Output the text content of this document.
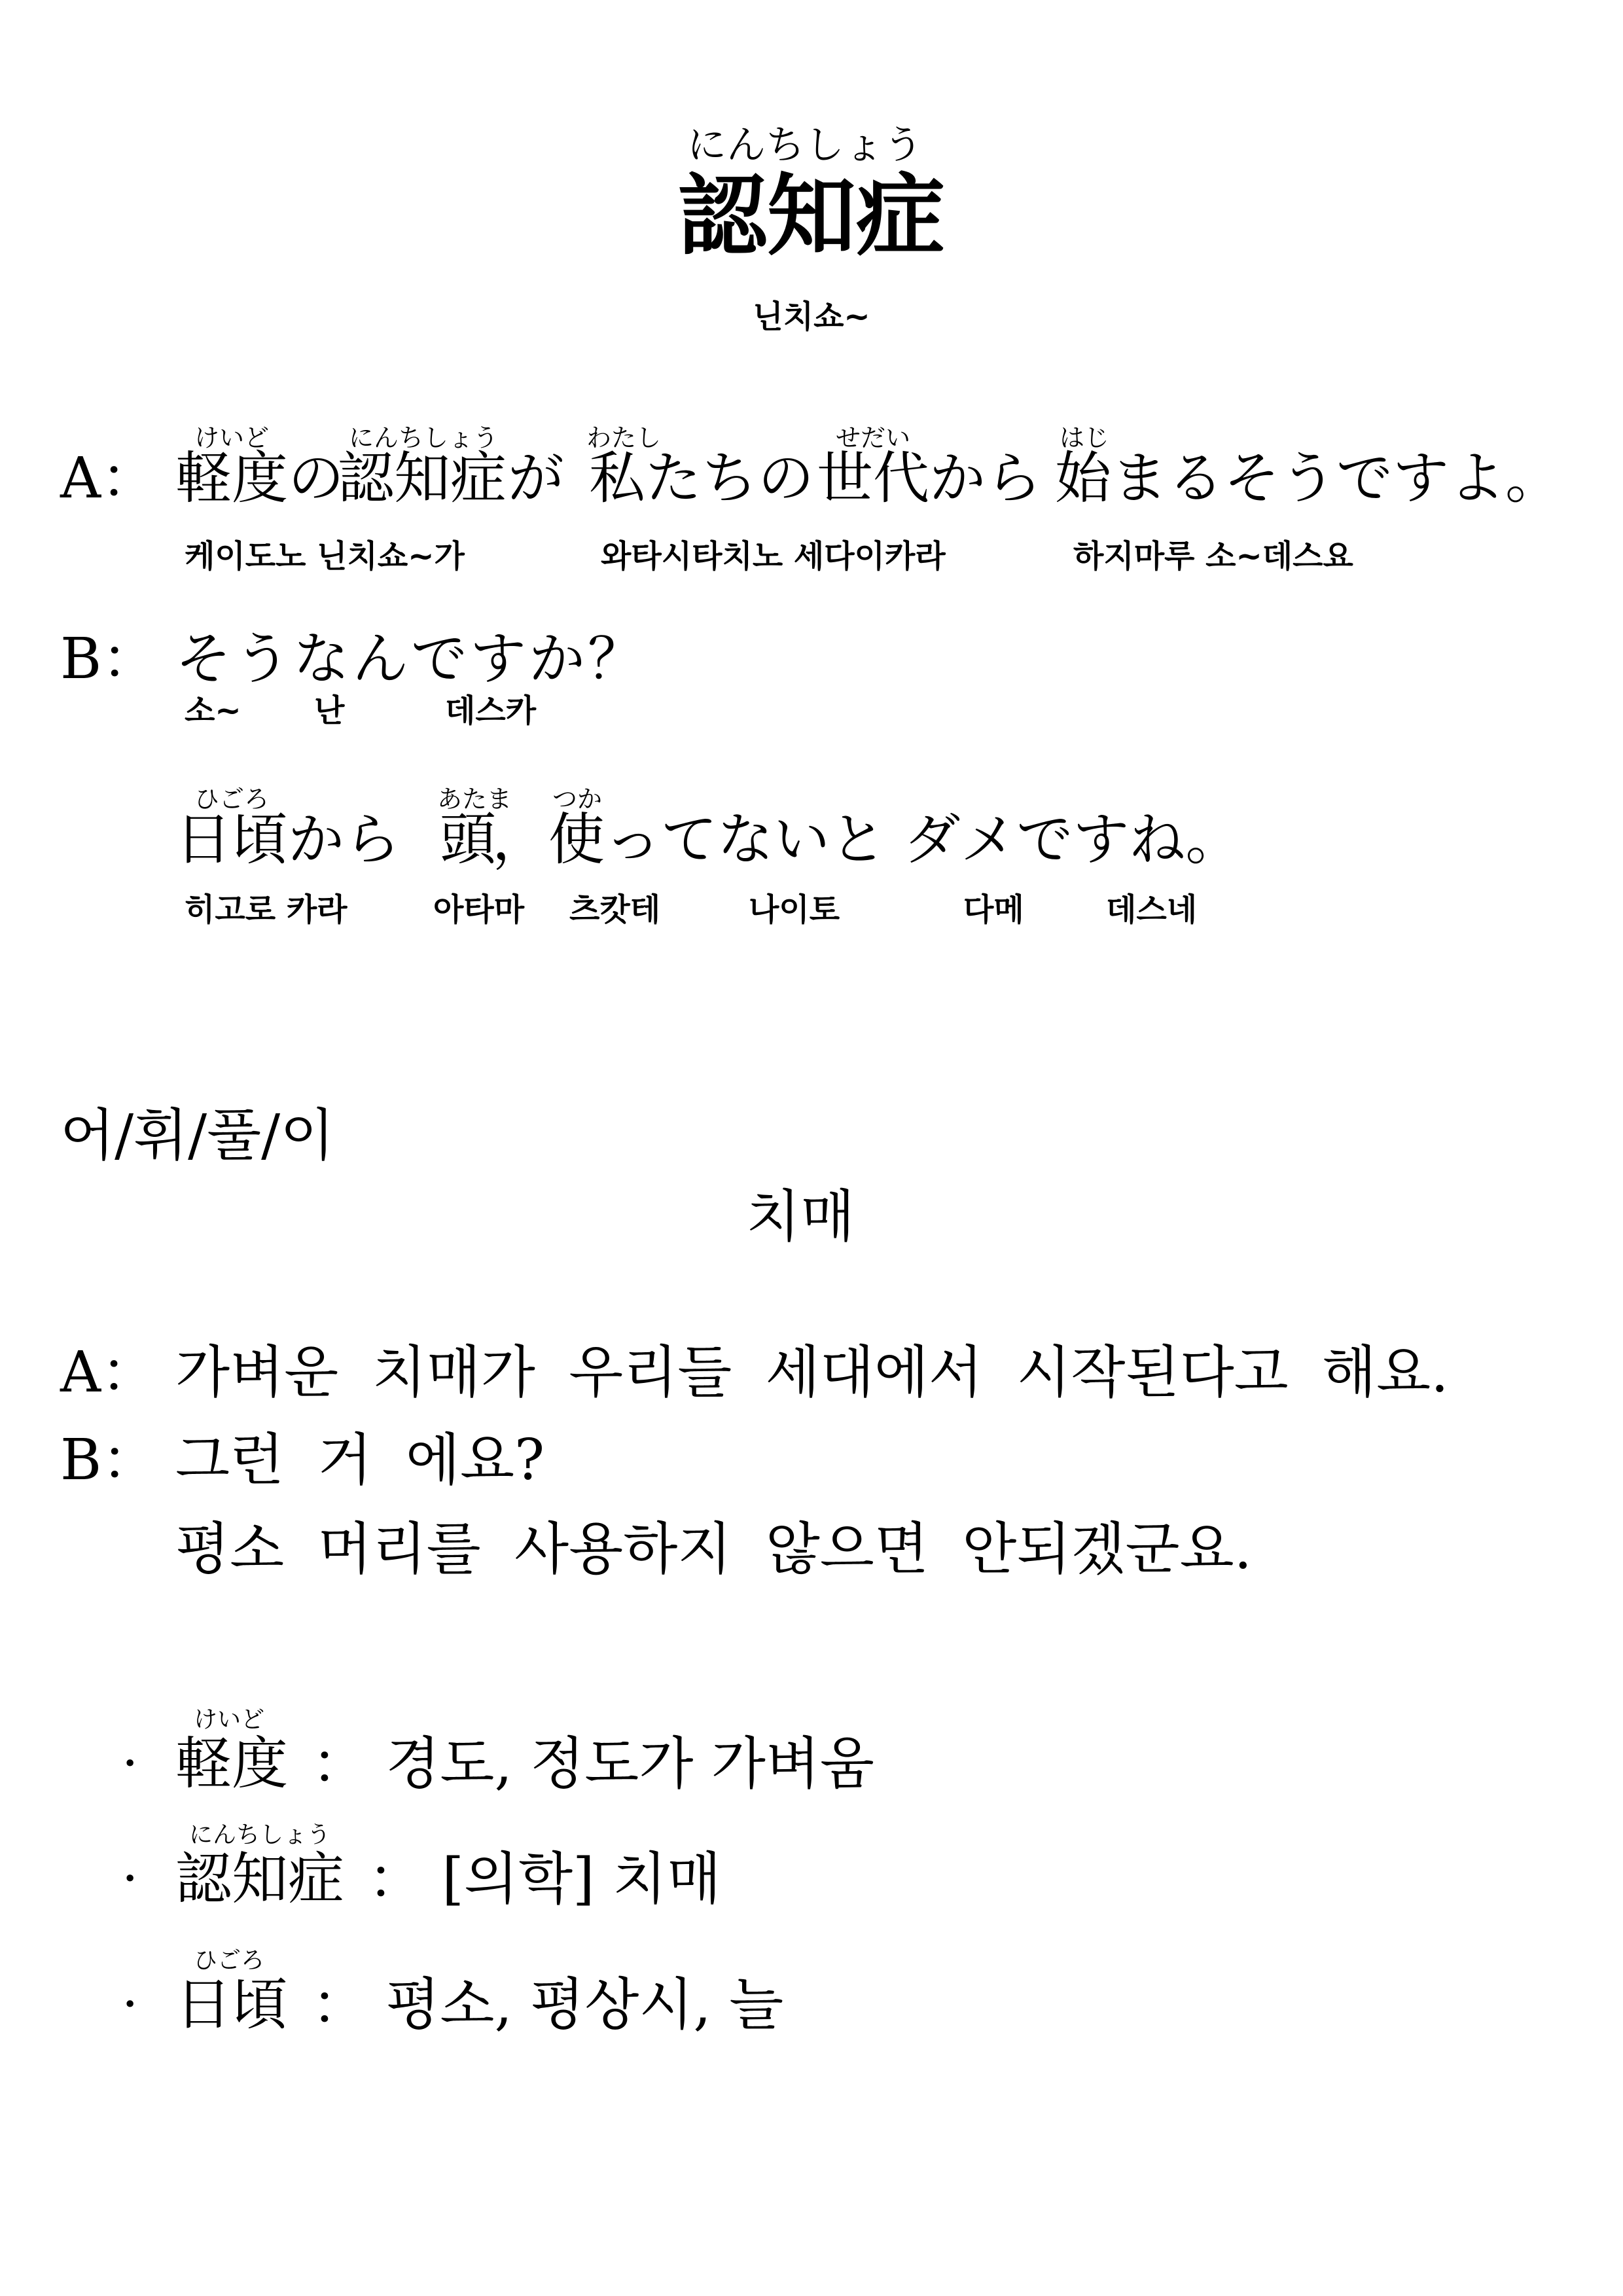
にんちしょう
認知症
닌치쇼~
A：
けいど
軽度 の
にんちしょう
認知症 が
わたし
私 たちの
せだい
世代 から
はじ
始 まるそうですよ。
케이도노 닌치쇼~가	와타시타치노 세다이카라	하지마루 소~데스요
B： そうなんですか？
소~ 난	데스카
ひごろ
日頃 から
あたま
頭
，
つか
使 ってないと ダメですね。
히고로 카라	아타마 츠캇테	나이토	다메	데스네
어/휘/풀/이
치매
A： 가벼운 치매가 우리들 세대에서 시작된다고 해요.
B： 그런 거 에요?
평소 머리를 사용하지 않으면 안되겠군요.
·
けいど
軽度 ： 경도, 정도가 가벼움
·
にんちしょう
認知症 ： [의학] 치매
·
ひごろ
日頃 ： 평소, 평상시, 늘
